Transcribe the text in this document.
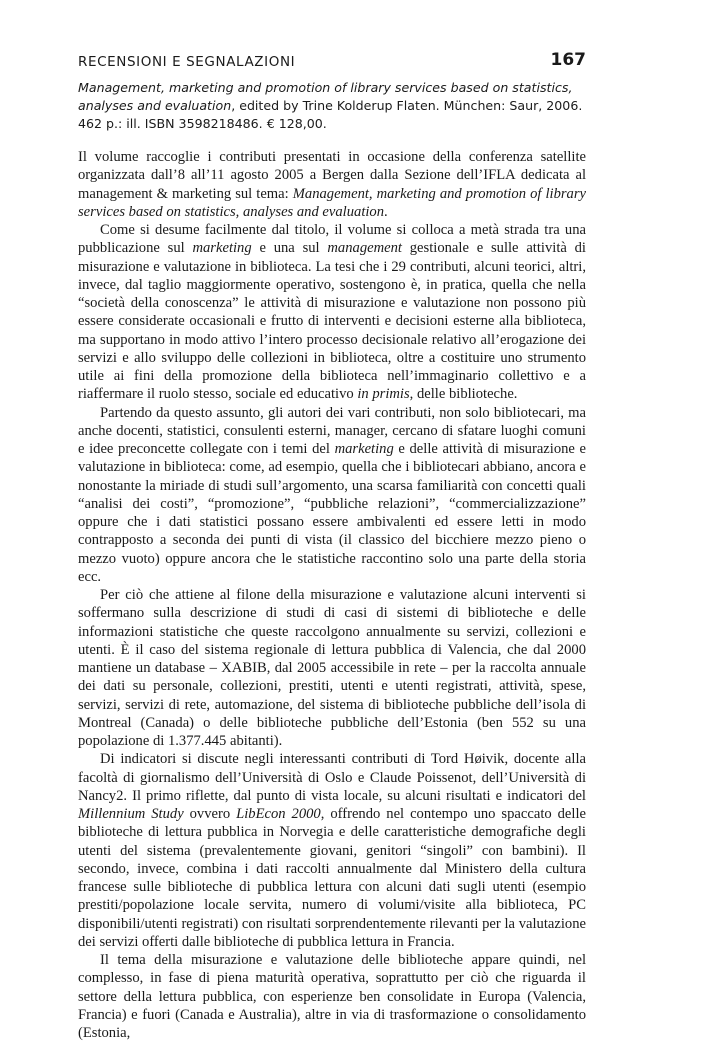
RECENSIONI E SEGNALAZIONI	167
Management, marketing and promotion of library services based on statistics, analyses and evaluation, edited by Trine Kolderup Flaten. München: Saur, 2006. 462 p.: ill. ISBN 3598218486. € 128,00.

Il volume raccoglie i contributi presentati in occasione della conferenza satellite organizzata dall’8 all’11 agosto 2005 a Bergen dalla Sezione dell’IFLA dedicata al management & marketing sul tema: Management, marketing and promotion of library services based on statistics, analyses and evaluation.

Come si desume facilmente dal titolo, il volume si colloca a metà strada tra una pubblicazione sul marketing e una sul management gestionale e sulle attività di misurazione e valutazione in biblioteca. La tesi che i 29 contributi, alcuni teorici, altri, invece, dal taglio maggiormente operativo, sostengono è, in pratica, quella che nella “società della conoscenza” le attività di misurazione e valutazione non possono più essere considerate occasionali e frutto di interventi e decisioni esterne alla biblioteca, ma supportano in modo attivo l’intero processo decisionale relativo all’erogazione dei servizi e allo sviluppo delle collezioni in biblioteca, oltre a costituire uno strumento utile ai fini della promozione della biblioteca nell’immaginario collettivo e a riaffermare il ruolo stesso, sociale ed educativo in primis, delle biblioteche.

Partendo da questo assunto, gli autori dei vari contributi, non solo bibliotecari, ma anche docenti, statistici, consulenti esterni, manager, cercano di sfatare luoghi comuni e idee preconcette collegate con i temi del marketing e delle attività di misurazione e valutazione in biblioteca: come, ad esempio, quella che i bibliotecari abbiano, ancora e nonostante la miriade di studi sull’argomento, una scarsa familiarità con concetti quali “analisi dei costi”, “promozione”, “pubbliche relazioni”, “commercializzazione” oppure che i dati statistici possano essere ambivalenti ed essere letti in modo contrapposto a seconda dei punti di vista (il classico del bicchiere mezzo pieno o mezzo vuoto) oppure ancora che le statistiche raccontino solo una parte della storia ecc.

Per ciò che attiene al filone della misurazione e valutazione alcuni interventi si soffermano sulla descrizione di studi di casi di sistemi di biblioteche e delle informazioni statistiche che queste raccolgono annualmente su servizi, collezioni e utenti. È il caso del sistema regionale di lettura pubblica di Valencia, che dal 2000 mantiene un database – XABIB, dal 2005 accessibile in rete – per la raccolta annuale dei dati su personale, collezioni, prestiti, utenti e utenti registrati, attività, spese, servizi, servizi di rete, automazione, del sistema di biblioteche pubbliche dell’isola di Montreal (Canada) o delle biblioteche pubbliche dell’Estonia (ben 552 su una popolazione di 1.377.445 abitanti).

Di indicatori si discute negli interessanti contributi di Tord Høivik, docente alla facoltà di giornalismo dell’Università di Oslo e Claude Poissenot, dell’Università di Nancy2. Il primo riflette, dal punto di vista locale, su alcuni risultati e indicatori del Millennium Study ovvero LibEcon 2000, offrendo nel contempo uno spaccato delle biblioteche di lettura pubblica in Norvegia e delle caratteristiche demografiche degli utenti del sistema (prevalentemente giovani, genitori “singoli” con bambini). Il secondo, invece, combina i dati raccolti annualmente dal Ministero della cultura francese sulle biblioteche di pubblica lettura con alcuni dati sugli utenti (esempio prestiti/popolazione locale servita, numero di volumi/visite alla biblioteca, PC disponibili/utenti registrati) con risultati sorprendentemente rilevanti per la valutazione dei servizi offerti dalle biblioteche di pubblica lettura in Francia.

Il tema della misurazione e valutazione delle biblioteche appare quindi, nel complesso, in fase di piena maturità operativa, soprattutto per ciò che riguarda il settore della lettura pubblica, con esperienze ben consolidate in Europa (Valencia, Francia) e fuori (Canada e Australia), altre in via di trasformazione o consolidamento (Estonia,
